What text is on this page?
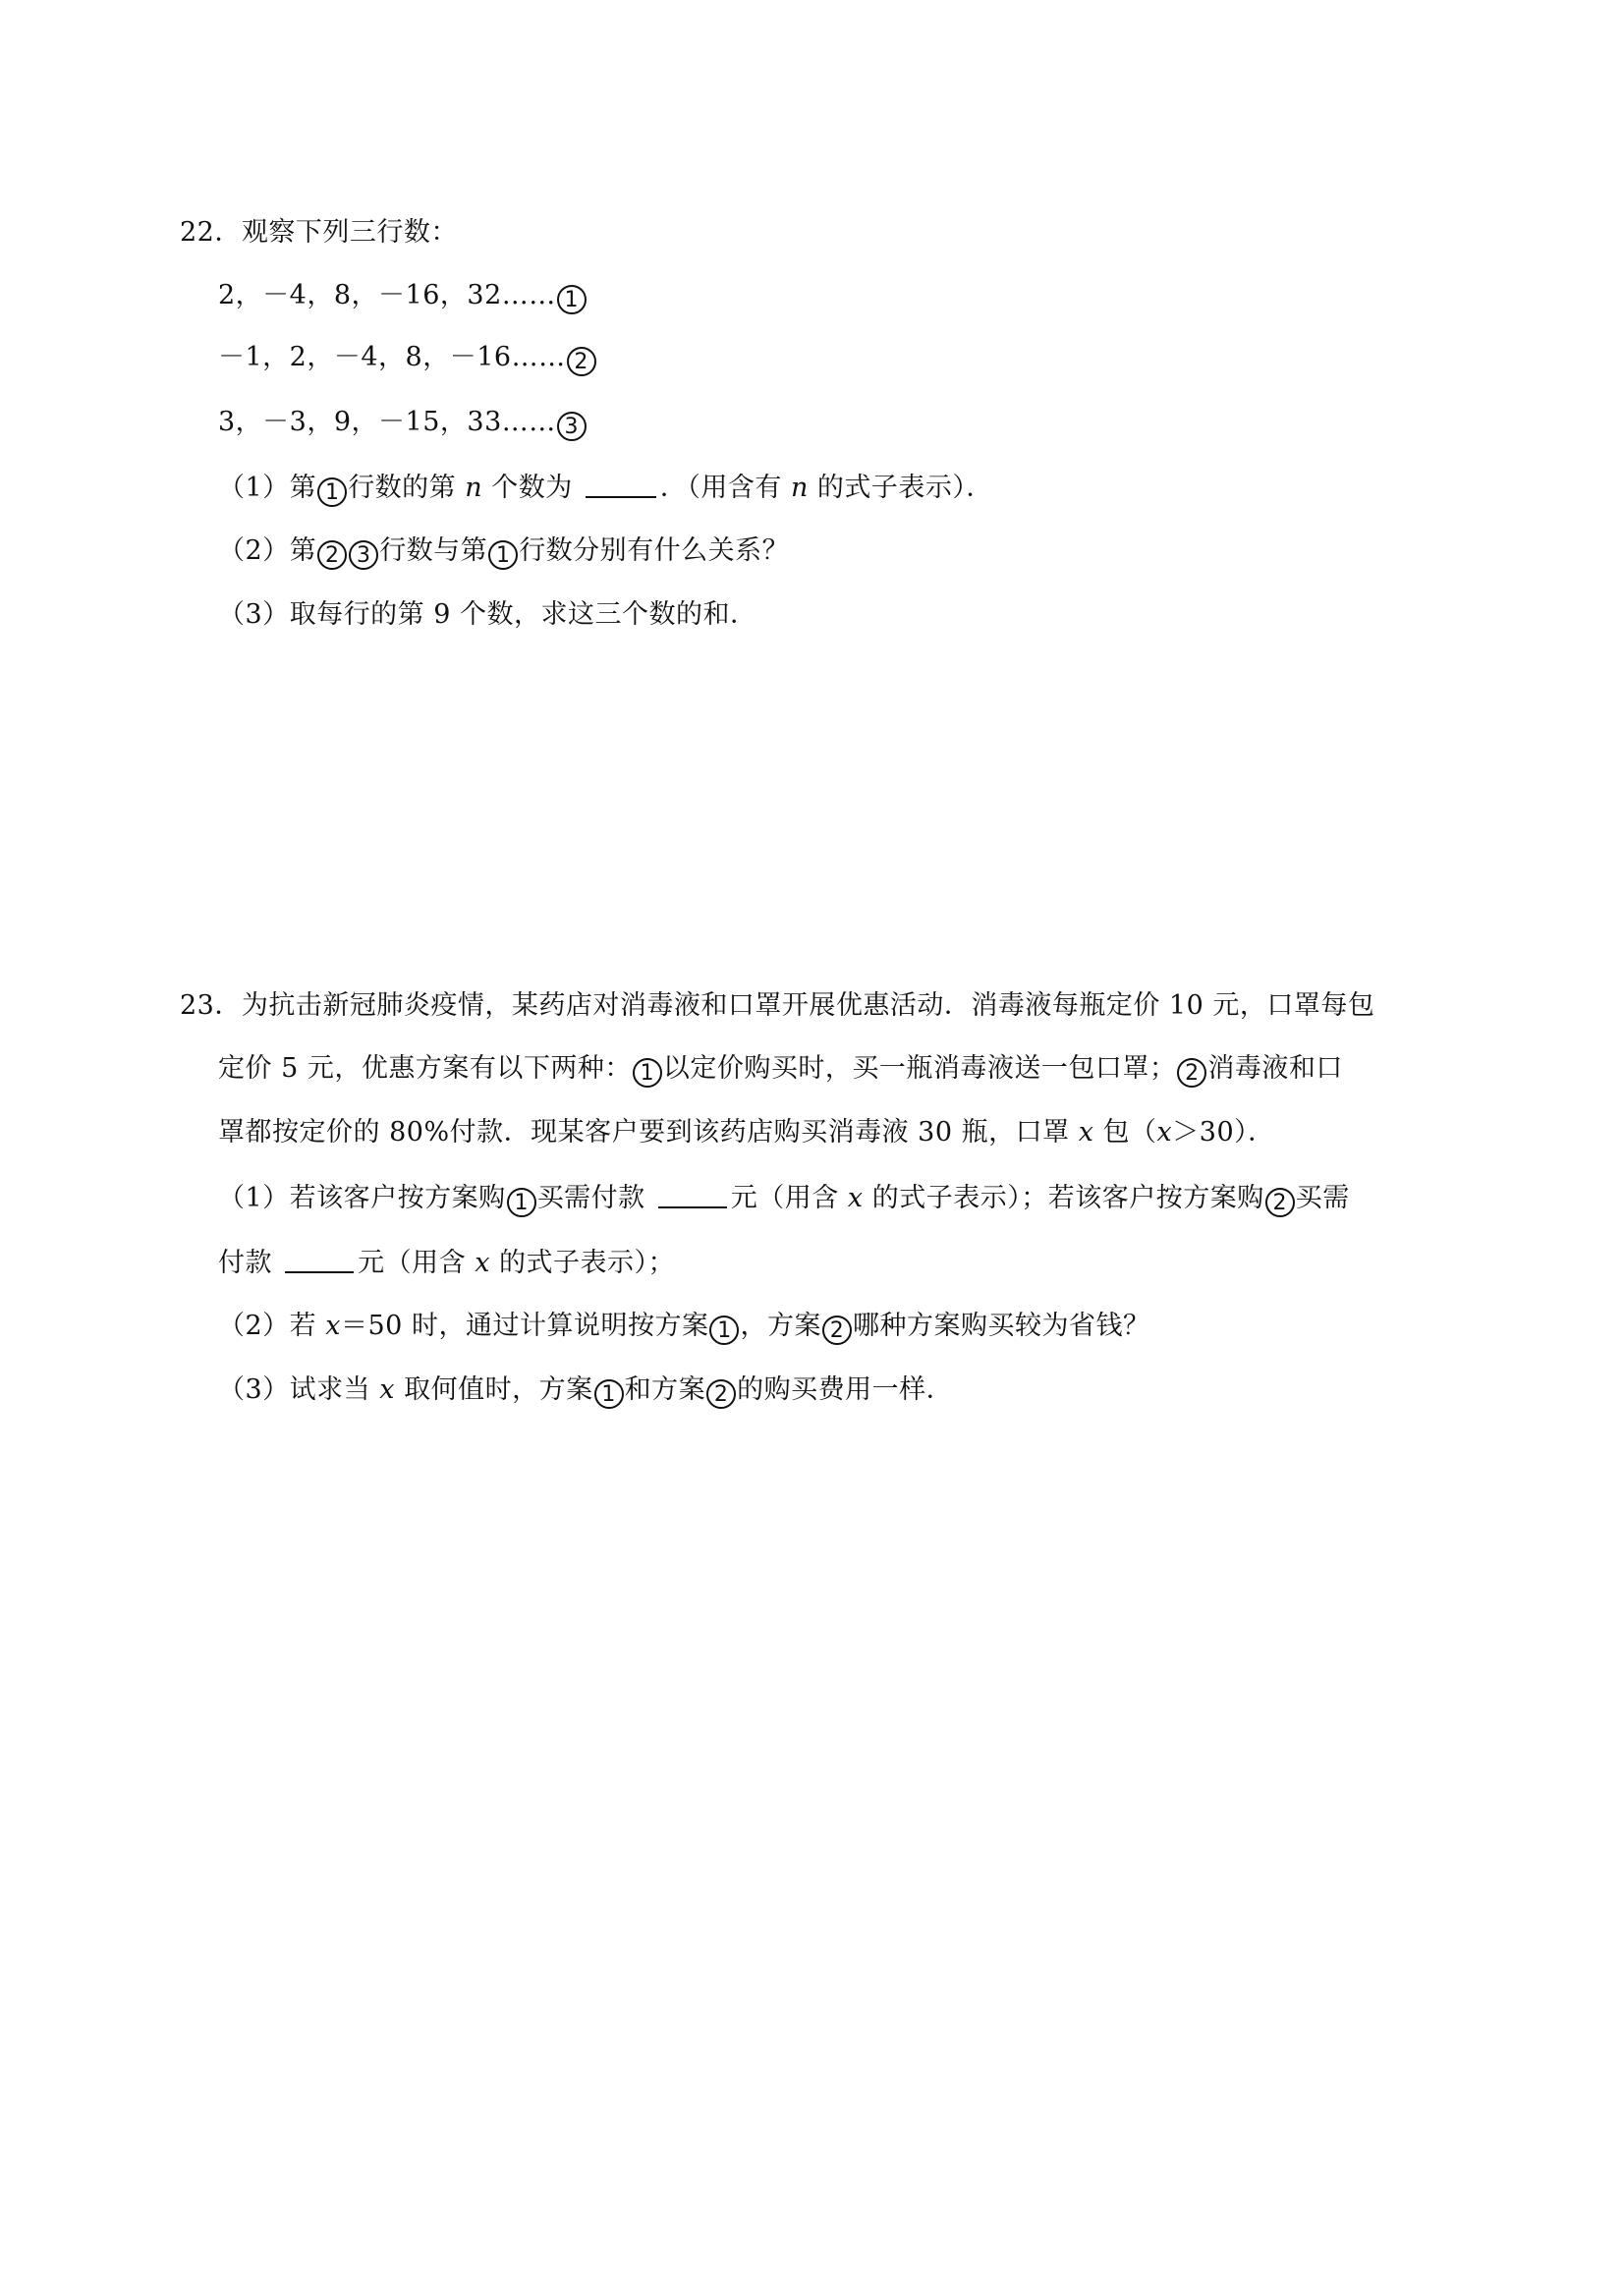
22．观察下列三行数：
2，－4，8，－16，32…… 1
－1，2，－4，8，－16…… 2
3，－3，9，－15，33…… 3
（1）第 1 行数的第 n 个数为	．（用含有 n 的式子表示）．
（2）第 2 3 行数与第 1 行数分别有什么关系？
（3）取每行的第 9 个数，求这三个数的和．
23．为抗击新冠肺炎疫情，某药店对消毒液和口罩开展优惠活动．消毒液每瓶定价 10 元，口罩每包
定价 5 元，优惠方案有以下两种： 1 以定价购买时，买一瓶消毒液送一包口罩； 2 消毒液和口
罩都按定价的 80%付款．现某客户要到该药店购买消毒液 30 瓶，口罩 x 包（x＞30）．
（1）若该客户按方案购 1 买需付款	元（用含 x 的式子表示）；若该客户按方案购 2 买需
付款	元（用含 x 的式子表示）；
（2）若 x＝50 时，通过计算说明按方案 1 ，方案 2 哪种方案购买较为省钱？
（3）试求当 x 取何值时，方案 1 和方案 2 的购买费用一样．
